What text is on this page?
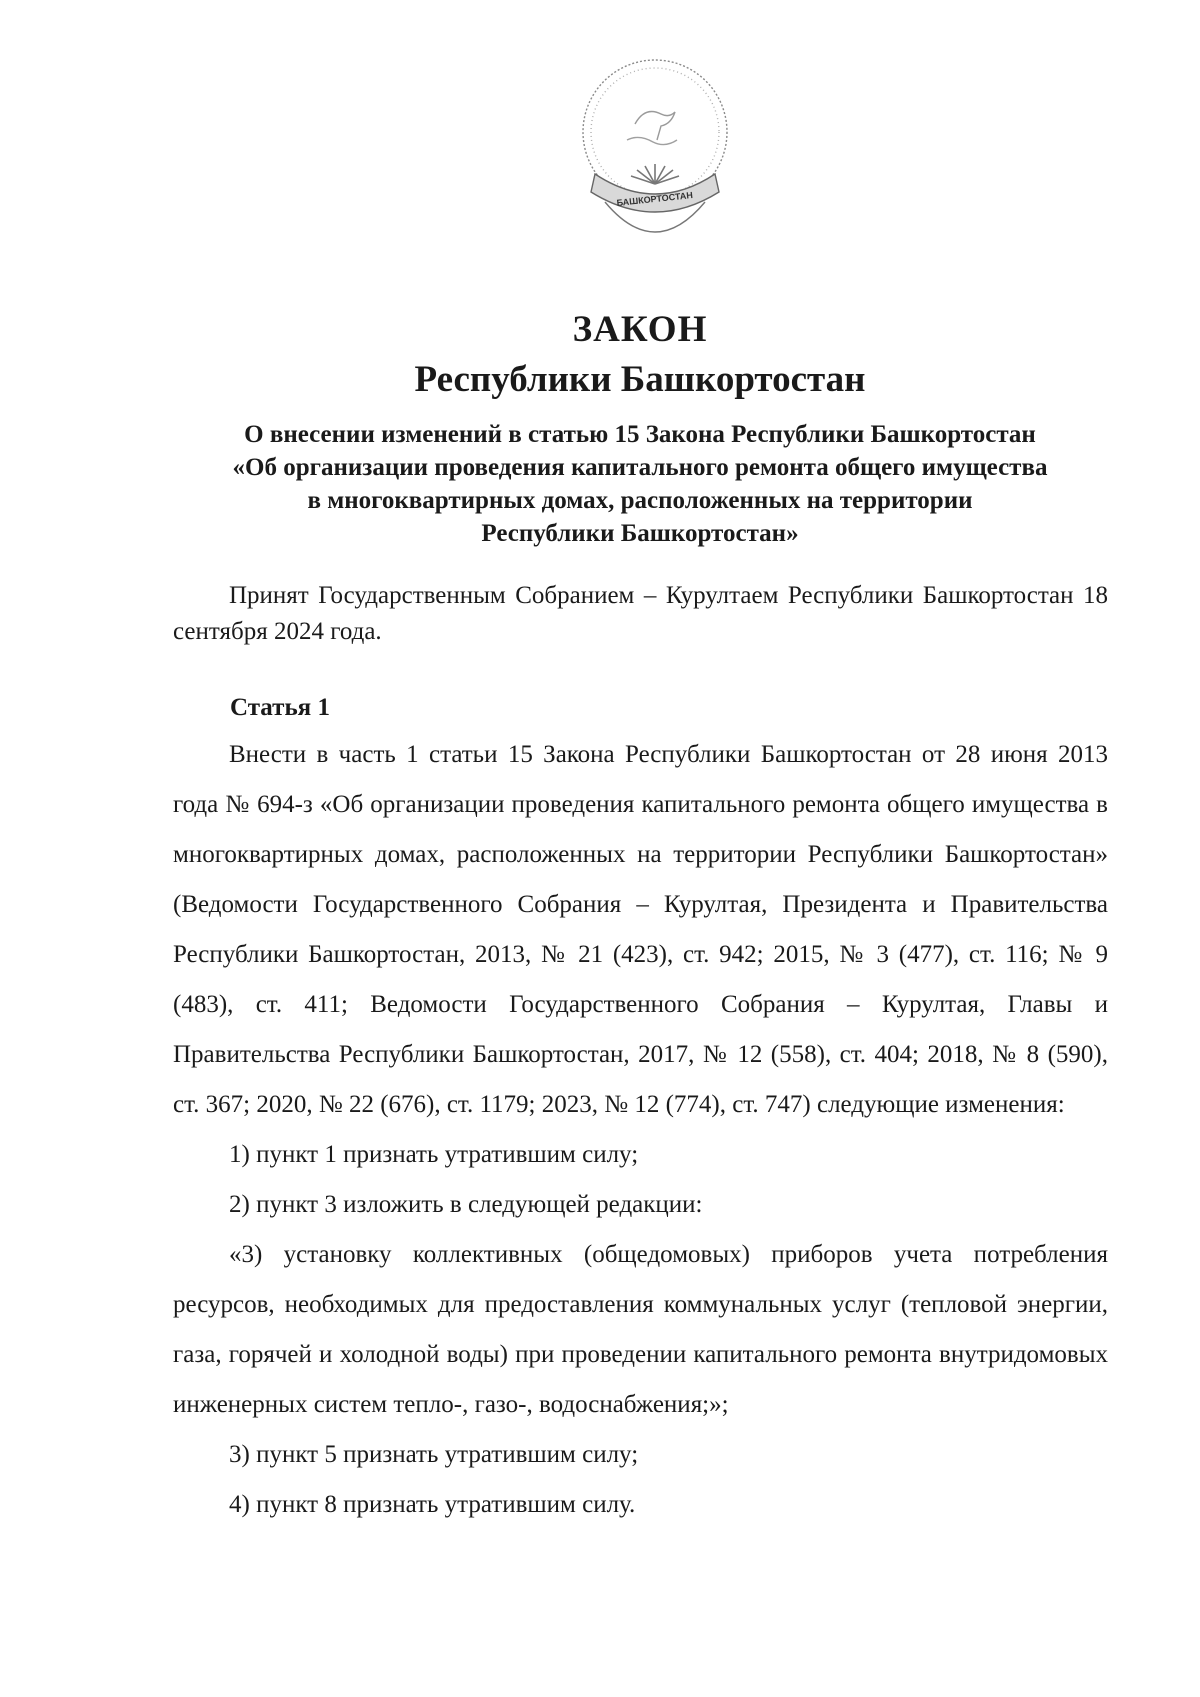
БАШКОРТОСТАН
ЗАКОН
Республики Башкортостан
О внесении изменений в статью 15 Закона Республики Башкортостан
«Об организации проведения капитального ремонта общего имущества
в многоквартирных домах, расположенных на территории
Республики Башкортостан»
Принят Государственным Собранием – Курултаем Республики Башкортостан 18 сентября 2024 года.
Статья 1

Внести в часть 1 статьи 15 Закона Республики Башкортостан от 28 июня 2013 года № 694-з «Об организации проведения капитального ремонта общего имущества в многоквартирных домах, расположенных на территории Республики Башкортостан» (Ведомости Государственного Собрания – Курултая, Президента и Правительства Республики Башкортостан, 2013, № 21 (423), ст. 942; 2015, № 3 (477), ст. 116; № 9 (483), ст. 411; Ведомости Государственного Собрания – Курултая, Главы и Правительства Республики Башкортостан, 2017, № 12 (558), ст. 404; 2018, № 8 (590), ст. 367; 2020, № 22 (676), ст. 1179; 2023, № 12 (774), ст. 747) следующие изменения:

1) пункт 1 признать утратившим силу;

2) пункт 3 изложить в следующей редакции:

«3) установку коллективных (общедомовых) приборов учета потребления ресурсов, необходимых для предоставления коммунальных услуг (тепловой энергии, газа, горячей и холодной воды) при проведении капитального ремонта внутридомовых инженерных систем тепло-, газо-, водоснабжения;»;

3) пункт 5 признать утратившим силу;

4) пункт 8 признать утратившим силу.
